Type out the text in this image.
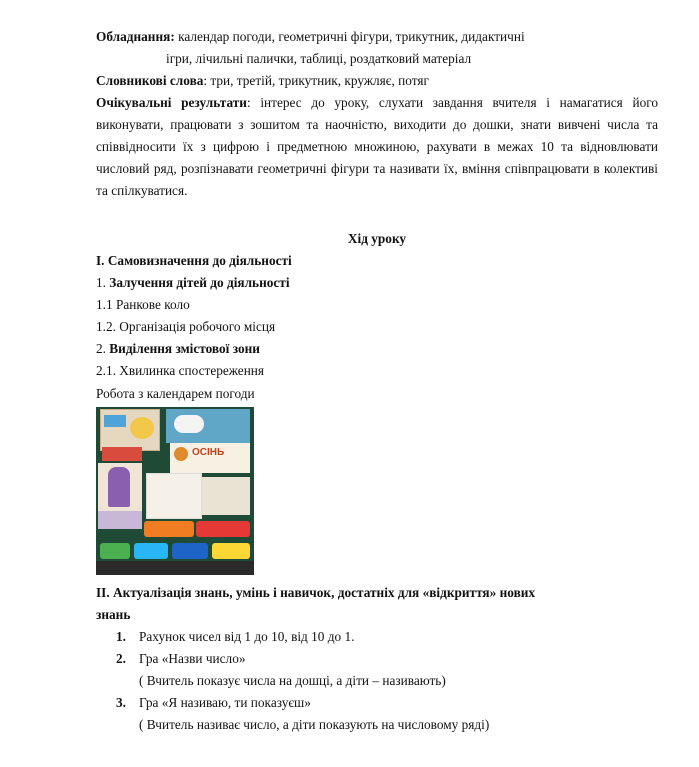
Обладнання: календар погоди, геометричні фігури, трикутник, дидактичні
ігри, лічильні палички, таблиці, роздатковий матеріал
Словникові слова: три, третій, трикутник, кружляє, потяг
Очікувальні результати: інтерес до уроку, слухати завдання вчителя і намагатися його виконувати, працювати з зошитом та наочністю, виходити до дошки, знати вивчені числа та співвідносити їх з цифрою і предметною множиною, рахувати в межах 10 та відновлювати числовий ряд, розпізнавати геометричні фігури та називати їх, вміння співпрацювати в колективі та спілкуватися.
Хід уроку
І. Самовизначення до діяльності
1. Залучення дітей до діяльності
1.1 Ранкове коло
1.2. Організація робочого місця
2. Виділення змістової зони
2.1. Хвилинка спостереження
Робота з календарем погоди
ОСІНЬ
ІІ. Актуалізація знань, умінь і навичок, достатніх для «відкриття» нових
знань
1. Рахунок чисел від 1 до 10, від 10 до 1.
2. Гра «Назви число»
( Вчитель показує числа на дошці, а діти – називають)
3. Гра «Я називаю, ти показуєш»
( Вчитель називає число, а діти показують на числовому ряді)
